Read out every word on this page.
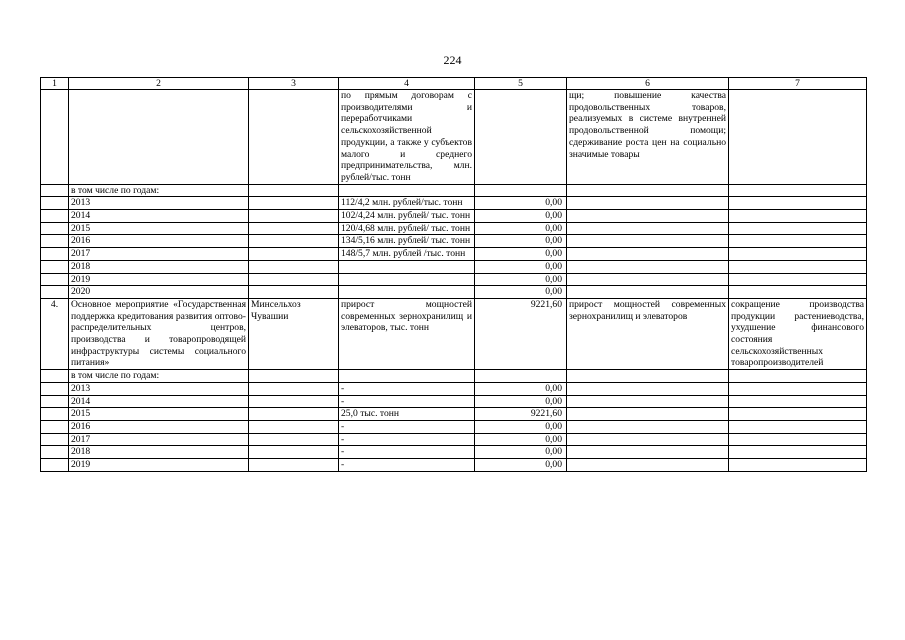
224
1	2	3	4	5	6	7
			по прямым договорам с производителями и переработчиками сельскохозяйственной продукции, а также у субъектов малого и среднего предпринимательства, млн. рублей/тыс. тонн		щи; повышение качества продовольственных товаров, реализуемых в системе внутренней продовольственной помощи; сдерживание роста цен на социально значимые товары	
	в том числе по годам:					
	2013		112/4,2 млн. рублей/тыс. тонн	0,00		
	2014		102/4,24 млн. рублей/ тыс. тонн	0,00		
	2015		120/4,68 млн. рублей/ тыс. тонн	0,00		
	2016		134/5,16 млн. рублей/ тыс. тонн	0,00		
	2017		148/5,7 млн. рублей /тыс. тонн	0,00		
	2018			0,00		
	2019			0,00		
	2020			0,00		
4.	Основное мероприятие «Государственная поддержка кредитования развития оптово-распределительных центров, производства и товаропроводящей инфраструктуры системы социального питания»	Минсельхоз Чувашии	прирост мощностей современных зернохранилищ и элеваторов, тыс. тонн	9221,60	прирост мощностей современных зернохранилищ и элеваторов	сокращение производства продукции растениеводства, ухудшение финансового состояния сельскохозяйственных товаропроизводителей
	в том числе по годам:					
	2013		-	0,00		
	2014		-	0,00		
	2015		25,0 тыс. тонн	9221,60		
	2016		-	0,00		
	2017		-	0,00		
	2018		-	0,00		
	2019		-	0,00		
